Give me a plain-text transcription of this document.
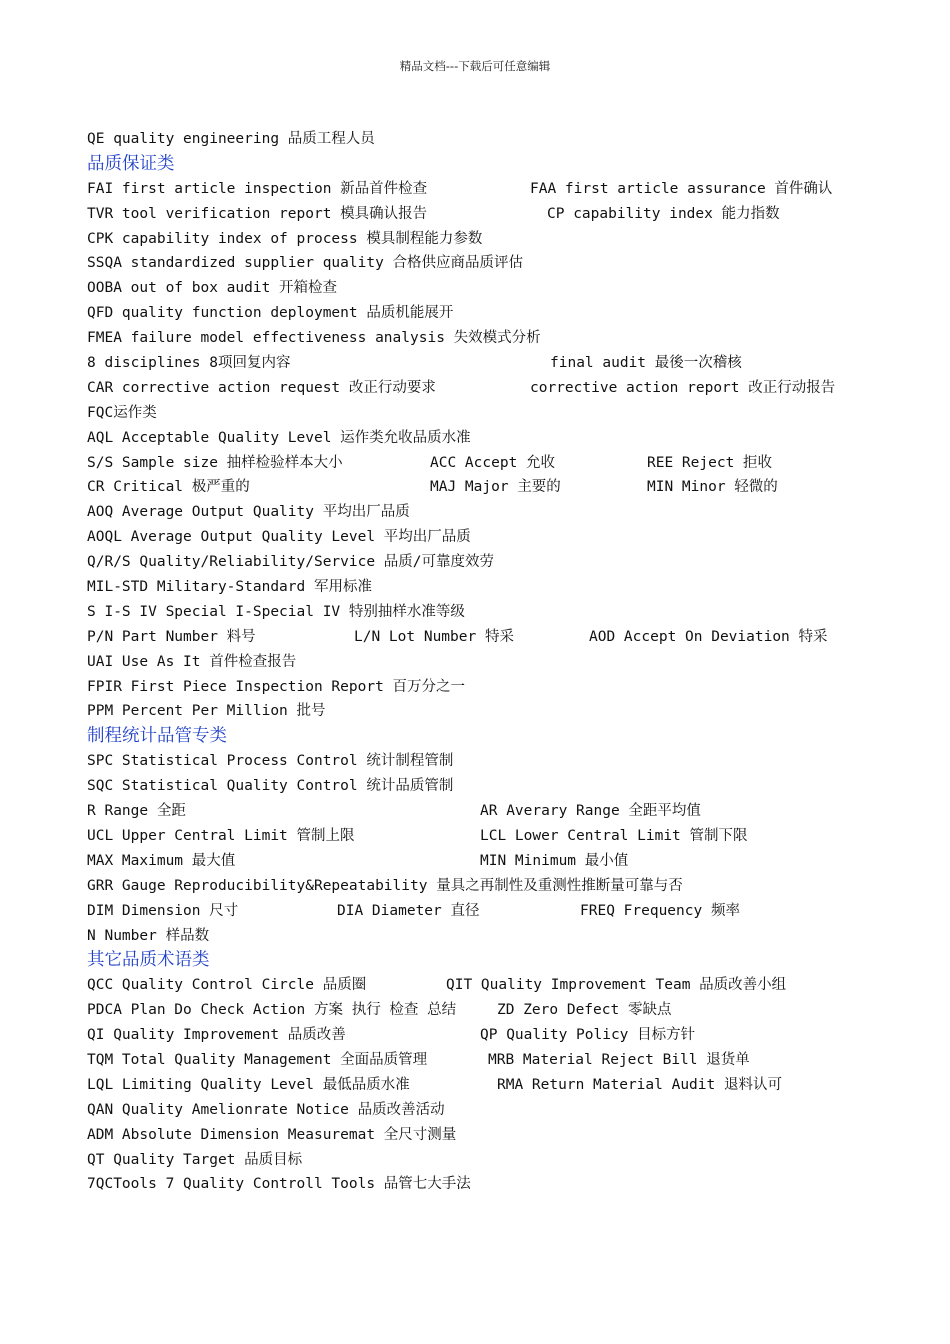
精品文档---下载后可任意编辑
QE quality engineering 品质工程人员
品质保证类
FAI first article inspection 新品首件检查	FAA first article assurance 首件确认
TVR tool verification report 模具确认报告	CP capability index 能力指数
CPK capability index of process 模具制程能力参数
SSQA standardized supplier quality 合格供应商品质评估
OOBA out of box audit 开箱检查
QFD quality function deployment 品质机能展开
FMEA failure model effectiveness analysis 失效模式分析
8 disciplines 8项回复内容	final audit 最後一次稽核
CAR corrective action request 改正行动要求	corrective action report 改正行动报告
FQC运作类
AQL Acceptable Quality Level 运作类允收品质水准
S/S Sample size 抽样检验样本大小	ACC Accept 允收	REE Reject 拒收
CR Critical 极严重的	MAJ Major 主要的	MIN Minor 轻微的
AOQ Average Output Quality 平均出厂品质
AOQL Average Output Quality Level 平均出厂品质
Q/R/S Quality/Reliability/Service 品质/可靠度效劳
MIL-STD Military-Standard 军用标准
S I-S IV Special I-Special IV 特别抽样水准等级
P/N Part Number 料号	L/N Lot Number 特采	AOD Accept On Deviation 特采
UAI Use As It 首件检查报告
FPIR First Piece Inspection Report 百万分之一
PPM Percent Per Million 批号
制程统计品管专类
SPC Statistical Process Control 统计制程管制
SQC Statistical Quality Control 统计品质管制
R Range 全距	AR Averary Range 全距平均值
UCL Upper Central Limit 管制上限	LCL Lower Central Limit 管制下限
MAX Maximum 最大值	MIN Minimum 最小值
GRR Gauge Reproducibility&Repeatability 量具之再制性及重测性推断量可靠与否
DIM Dimension 尺寸	DIA Diameter 直径	FREQ Frequency 频率
N Number 样品数
其它品质术语类
QCC Quality Control Circle 品质圈	QIT Quality Improvement Team 品质改善小组
PDCA Plan Do Check Action 方案 执行 检查 总结	ZD Zero Defect 零缺点
QI Quality Improvement 品质改善	QP Quality Policy 目标方针
TQM Total Quality Management 全面品质管理	MRB Material Reject Bill 退货单
LQL Limiting Quality Level 最低品质水准	RMA Return Material Audit 退料认可
QAN Quality Amelionrate Notice 品质改善活动
ADM Absolute Dimension Measuremat 全尺寸测量
QT Quality Target 品质目标
7QCTools 7 Quality Controll Tools 品管七大手法
